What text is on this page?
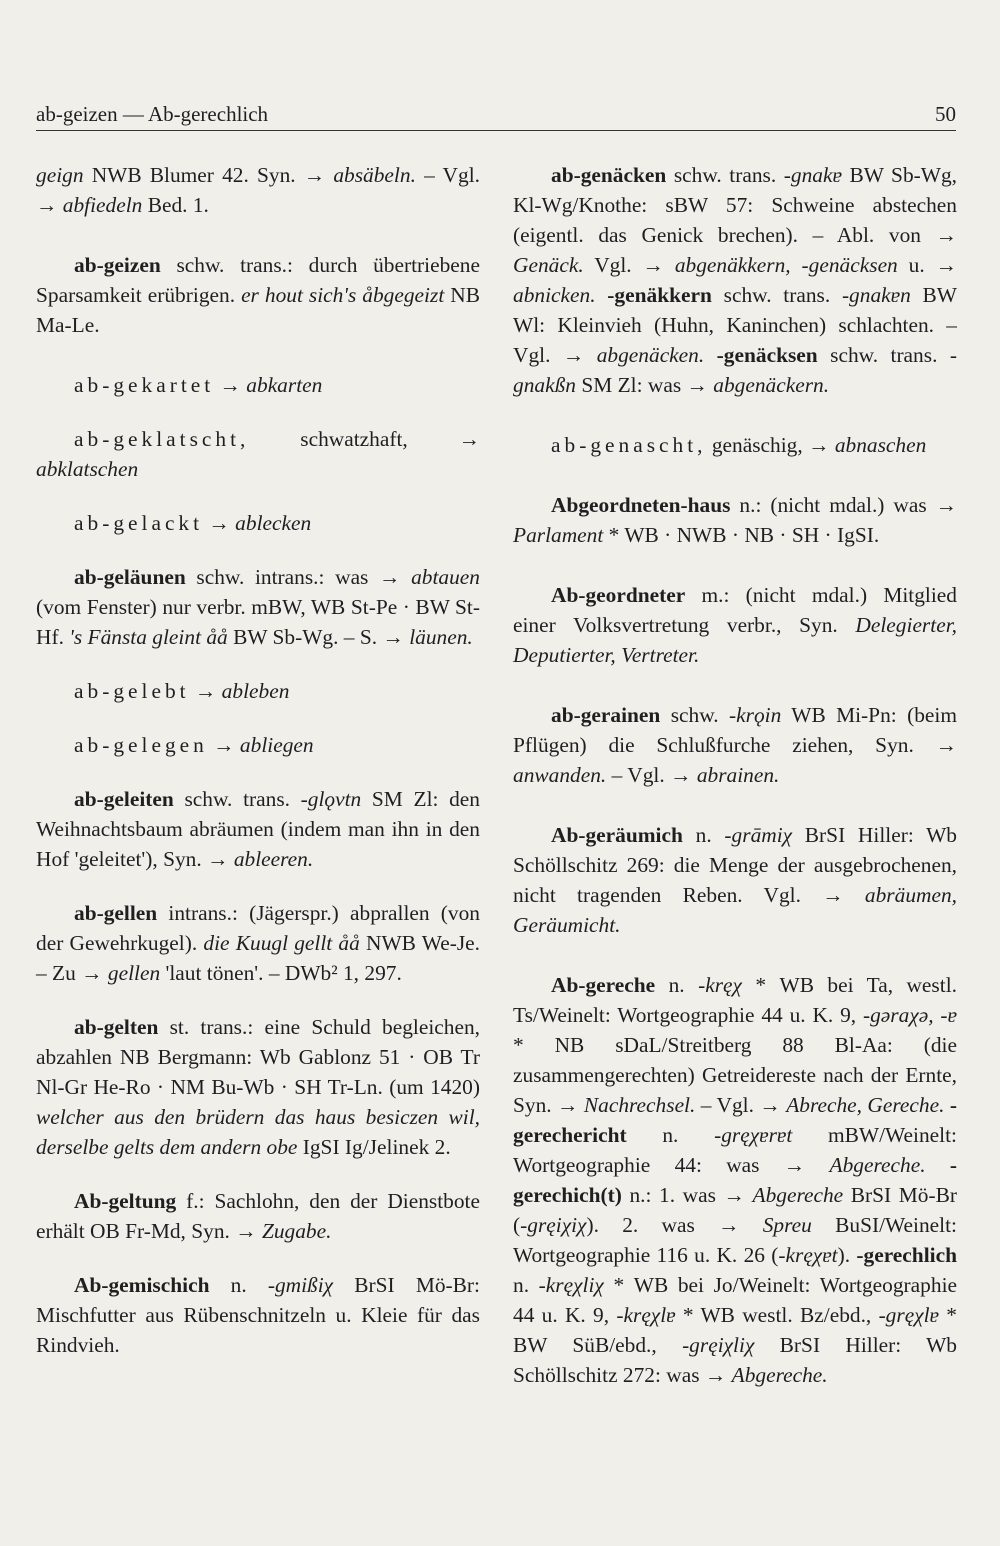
ab-geizen — Ab-gerechlich	50

geign NWB Blumer 42. Syn. → absäbeln. – Vgl. → abfiedeln Bed. 1.

ab-geizen schw. trans.: durch übertriebene Sparsamkeit erübrigen. er hout sich's åbgegeizt NB Ma-Le.

ab-gekartet → abkarten

ab-geklatscht, schwatzhaft, → abklatschen

ab-gelackt → ablecken

ab-geläunen schw. intrans.: was → abtauen (vom Fenster) nur verbr. mBW, WB St-Pe · BW St-Hf. 's Fänsta gleint åå BW Sb-Wg. – S. → läunen.

ab-gelebt → ableben

ab-gelegen → abliegen

ab-geleiten schw. trans. -glǫvtn SM Zl: den Weihnachtsbaum abräumen (indem man ihn in den Hof 'geleitet'), Syn. → ableeren.

ab-gellen intrans.: (Jägerspr.) abprallen (von der Gewehrkugel). die Kuugl gellt åå NWB We-Je. – Zu → gellen 'laut tönen'. – DWb² 1, 297.

ab-gelten st. trans.: eine Schuld begleichen, abzahlen NB Bergmann: Wb Gablonz 51 · OB Tr Nl-Gr He-Ro · NM Bu-Wb · SH Tr-Ln. (um 1420) welcher aus den brüdern das haus besiczen wil, derselbe gelts dem andern obe IgSI Ig/Jelinek 2.

Ab-geltung f.: Sachlohn, den der Dienstbote erhält OB Fr-Md, Syn. → Zugabe.

Ab-gemischich n. -gmißiχ BrSI Mö-Br: Mischfutter aus Rübenschnitzeln u. Kleie für das Rindvieh.

ab-genäcken schw. trans. -gnakɐ BW Sb-Wg, Kl-Wg/Knothe: sBW 57: Schweine abstechen (eigentl. das Genick brechen). – Abl. von → Genäck. Vgl. → abgenäkkern, -genäcksen u. → abnicken. -genäkkern schw. trans. -gnakɐn BW Wl: Kleinvieh (Huhn, Kaninchen) schlachten. – Vgl. → abgenäcken. -genäcksen schw. trans. -gnakßn SM Zl: was → abgenäckern.

ab-genascht, genäschig, → abnaschen

Abgeordneten-haus n.: (nicht mdal.) was → Parlament * WB · NWB · NB · SH · IgSI.

Ab-geordneter m.: (nicht mdal.) Mitglied einer Volksvertretung verbr., Syn. Delegierter, Deputierter, Vertreter.

ab-gerainen schw. -krǫin WB Mi-Pn: (beim Pflügen) die Schlußfurche ziehen, Syn. → anwanden. – Vgl. → abrainen.

Ab-geräumich n. -grāmiχ BrSI Hiller: Wb Schöllschitz 269: die Menge der ausgebrochenen, nicht tragenden Reben. Vgl. → abräumen, Geräumicht.

Ab-gereche n. -kręχ * WB bei Ta, westl. Ts/Weinelt: Wortgeographie 44 u. K. 9, -gəraχə, -ɐ * NB sDaL/Streitberg 88 Bl-Aa: (die zusammengerechten) Getreidereste nach der Ernte, Syn. → Nachrechsel. – Vgl. → Abreche, Gereche. -gerechericht n. -gręχɐrɐt mBW/Weinelt: Wortgeographie 44: was → Abgereche. -gerechich(t) n.: 1. was → Abgereche BrSI Mö-Br (-gręiχiχ). 2. was → Spreu BuSI/Weinelt: Wortgeographie 116 u. K. 26 (-kręχɐt). -gerechlich n. -kręχliχ * WB bei Jo/Weinelt: Wortgeographie 44 u. K. 9, -kręχlɐ * WB westl. Bz/ebd., -gręχlɐ * BW SüB/ebd., -gręiχliχ BrSI Hiller: Wb Schöllschitz 272: was → Abgereche.
